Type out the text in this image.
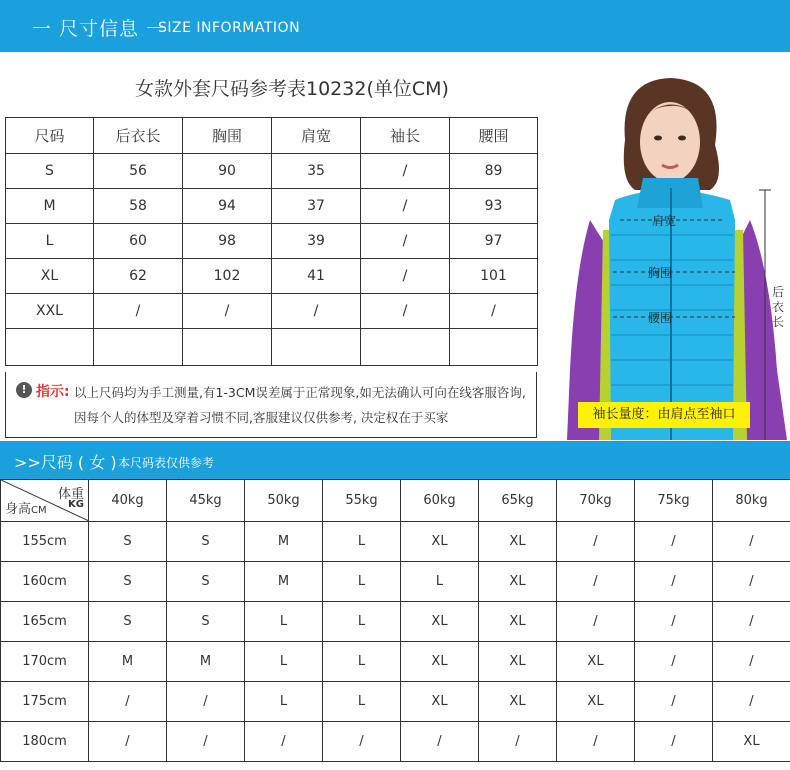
一 尺寸信息 一
SIZE INFORMATION
女款外套尺码参考表10232(单位CM)
尺码	后衣长	胸围	肩宽	袖长	腰围
S	56	90	35	/	89
M	58	94	37	/	93
L	60	98	39	/	97
XL	62	102	41	/	101
XXL	/	/	/	/	/

! 指示: 以上尺码均为手工测量,有1-3CM误差属于正常现象,如无法确认可向在线客服咨询,
因每个人的体型及穿着习惯不同,客服建议仅供参考, 决定权在于买家
肩宽
胸围
腰围
后衣长
袖长量度：由肩点至袖口
>>尺码 ( 女 ) 本尺码表仅供参考
体重
KG
身高CM	40kg	45kg	50kg	55kg	60kg	65kg	70kg	75kg	80kg
155cm	S	S	M	L	XL	XL	/	/	/
160cm	S	S	M	L	L	XL	/	/	/
165cm	S	S	L	L	XL	XL	/	/	/
170cm	M	M	L	L	XL	XL	XL	/	/
175cm	/	/	L	L	XL	XL	XL	/	/
180cm	/	/	/	/	/	/	/	/	XL
